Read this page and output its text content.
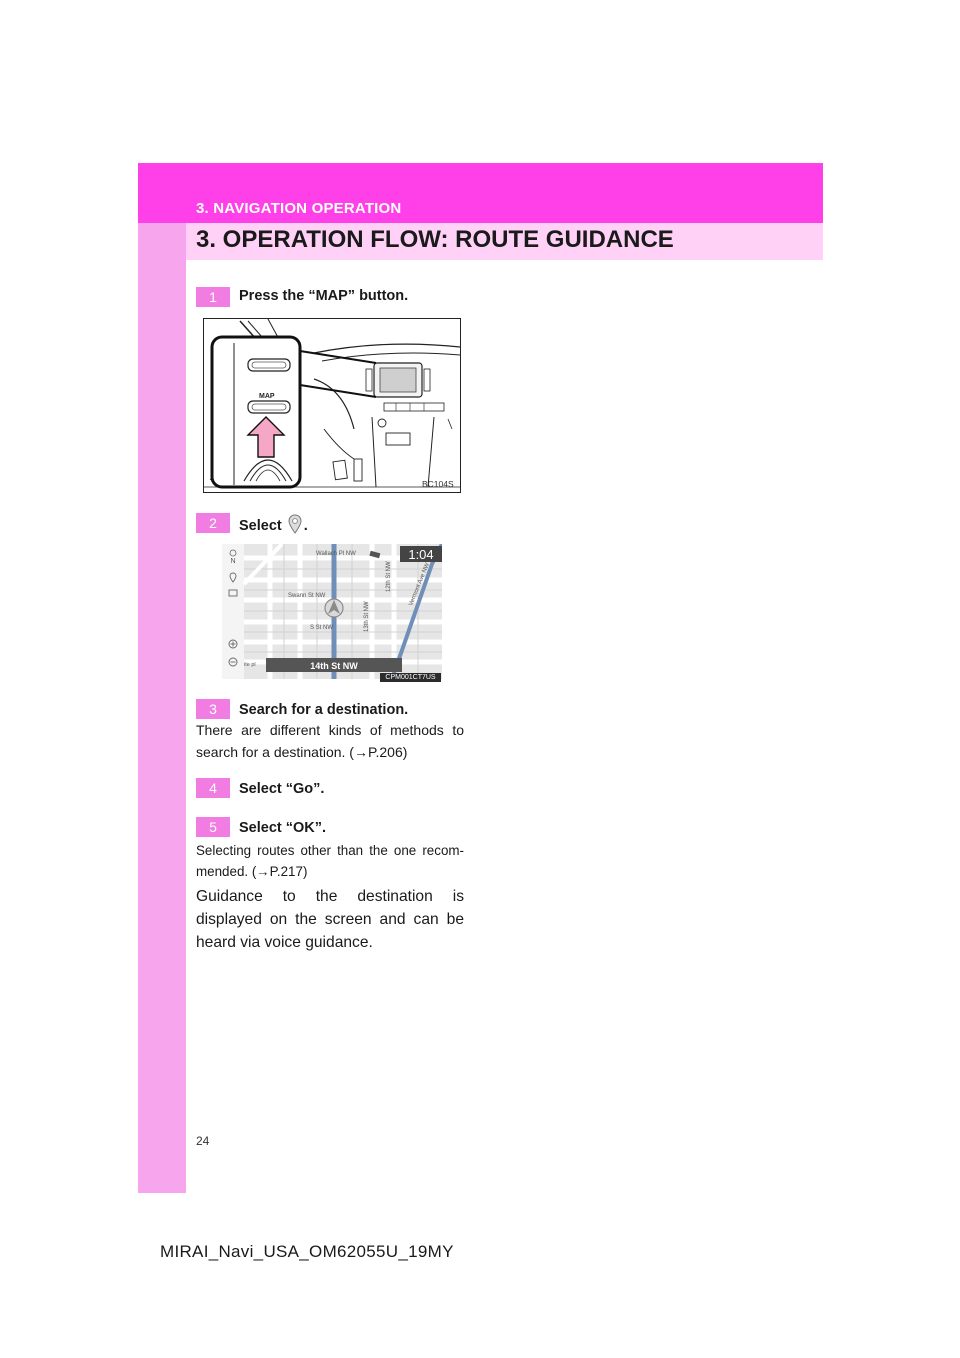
3. NAVIGATION OPERATION
3. OPERATION FLOW: ROUTE GUIDANCE
1	Press the “MAP” button.
MAP
BC104S
2	Select .
1:04
14th St NW
Wallach Pl NW
Swann St NW
S St NW	13th St NW
12th St NW	Vermont Ave NW
ite pl
N
CPM001CT7US
3	Search for a destination.
There are different kinds of methods to search for a destination. (→P.206)
4	Select “Go”.
5	Select “OK”.
Selecting routes other than the one recom-mended. (→P.217)
Guidance to the destination is displayed on the screen and can be heard via voice guidance.
24
MIRAI_Navi_USA_OM62055U_19MY
